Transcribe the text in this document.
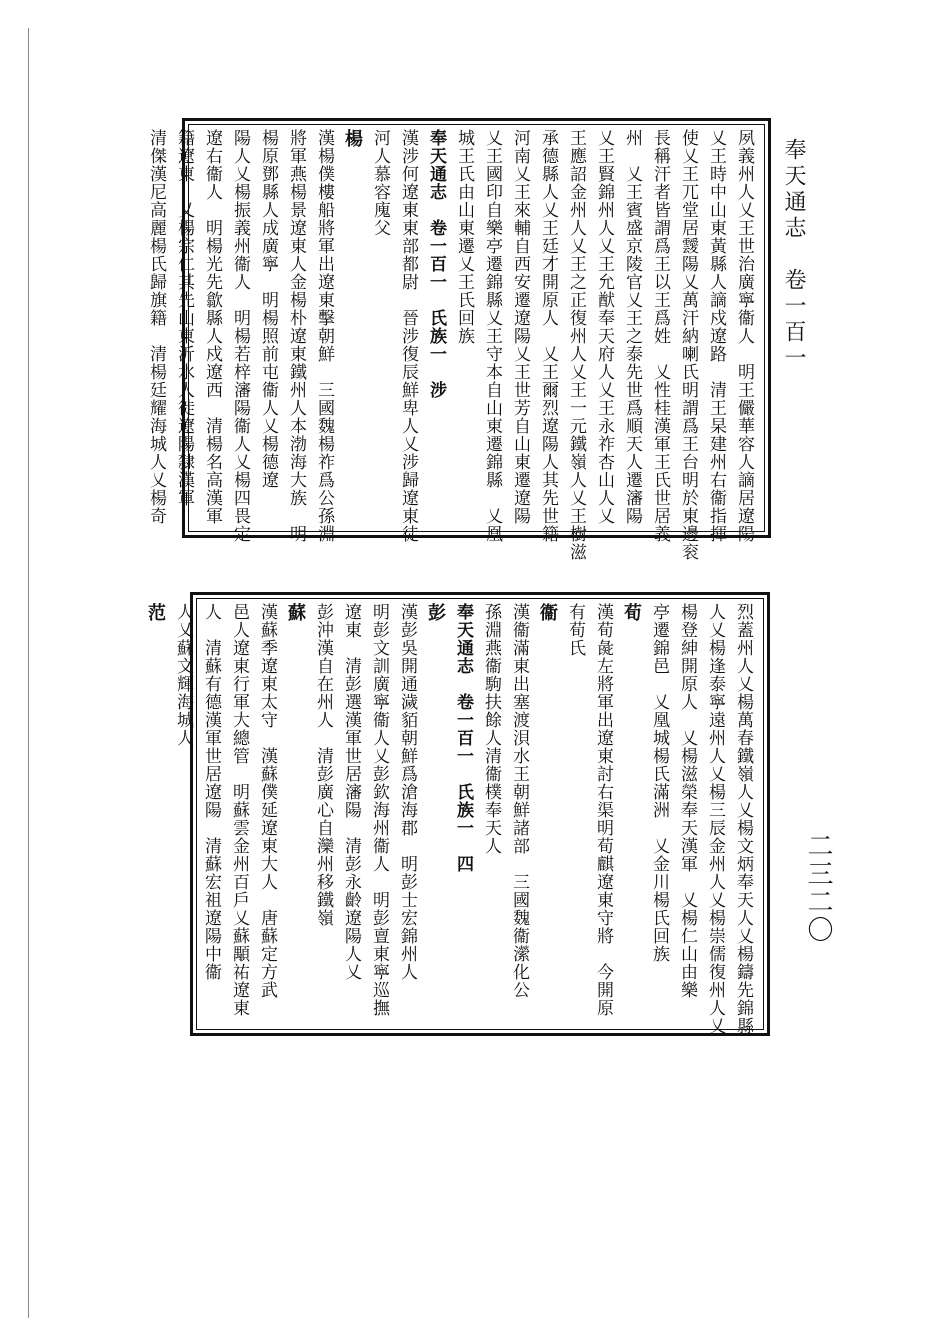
奉天通志　卷一百一
二三二〇
夙義州人乂王世治廣寧衞人　明王儼華容人謫居遼陽
乂王時中山東黃縣人謫戍遼路　清王杲建州右衞指揮
使乂王兀堂居靉陽乂萬汗納喇氏明謂爲王台明於東邊衮
長稱汗者皆謂爲王以王爲姓　乂性桂漢軍王氏世居義
州　乂王賓盛京陵官乂王之泰先世爲順天人遷瀋陽
乂王賢錦州人乂王允猷奉天府人乂王永祚杏山人乂
王應詔金州人乂王之正復州人乂王一元鐵嶺人乂王樹滋
承德縣人乂王廷才開原人　乂王爾烈遼陽人其先世籍
河南乂王來輔自西安遷遼陽乂王世芳自山東遷遼陽
乂王國印自樂亭遷錦縣乂王守本自山東遷錦縣　乂凰
城王氏由山東遷乂王氏回族
奉天通志　卷一百一　氏族一　涉
漢涉何遼東東部都尉　晉涉復辰鮮卑人乂涉歸遼東徒
河人慕容廆父
楊
漢楊僕樓船將軍出遼東擊朝鮮　三國魏楊祚爲公孫淵
將軍燕楊景遼東人金楊朴遼東鐵州人本渤海大族　明
楊原鄧縣人成廣寧　明楊照前屯衞人乂楊德遼
陽人乂楊振義州衞人　明楊若梓瀋陽衞人乂楊四畏定
遼右衞人　明楊光先歙縣人戍遼西　清楊名高漢軍
籍遼東　乂楊宗仁其先山東沂水人徙遼陽隸漢軍
清傑漢尼高麗楊氏歸旗籍　清楊廷耀海城人乂楊奇
烈蓋州人乂楊萬春鐵嶺人乂楊文炳奉天人乂楊鑄先錦縣
人乂楊逢泰寧遠州人乂楊三辰金州人乂楊崇儒復州人乂
楊登紳開原人　乂楊滋榮奉天漢軍　乂楊仁山由樂
亭遷錦邑　乂凰城楊氏滿洲　乂金川楊氏回族
荀
漢荀彘左將軍出遼東討右渠明荀麒遼東守將　今開原
有荀氏
衞
漢衞滿東出塞渡浿水王朝鮮諸部　三國魏衞瀠化公
孫淵燕衞駒扶餘人清衞樸奉天人
奉天通志　卷一百一　氏族一　四
彭
漢彭吳開通濊貊朝鮮爲滄海郡　明彭士宏錦州人
明彭文訓廣寧衞人乂彭欽海州衞人　明彭亶東寧巡撫
遼東　清彭選漢軍世居瀋陽　清彭永齡遼陽人乂
彭沖漢自在州人　清彭廣心自灤州移鐵嶺
蘇
漢蘇季遼東太守　漢蘇僕延遼東大人　唐蘇定方武
邑人遼東行軍大總管　明蘇雲金州百戶乂蘇顒祐遼東
人　清蘇有德漢軍世居遼陽　清蘇宏祖遼陽中衞
人乂蘇文輝海城人
范
